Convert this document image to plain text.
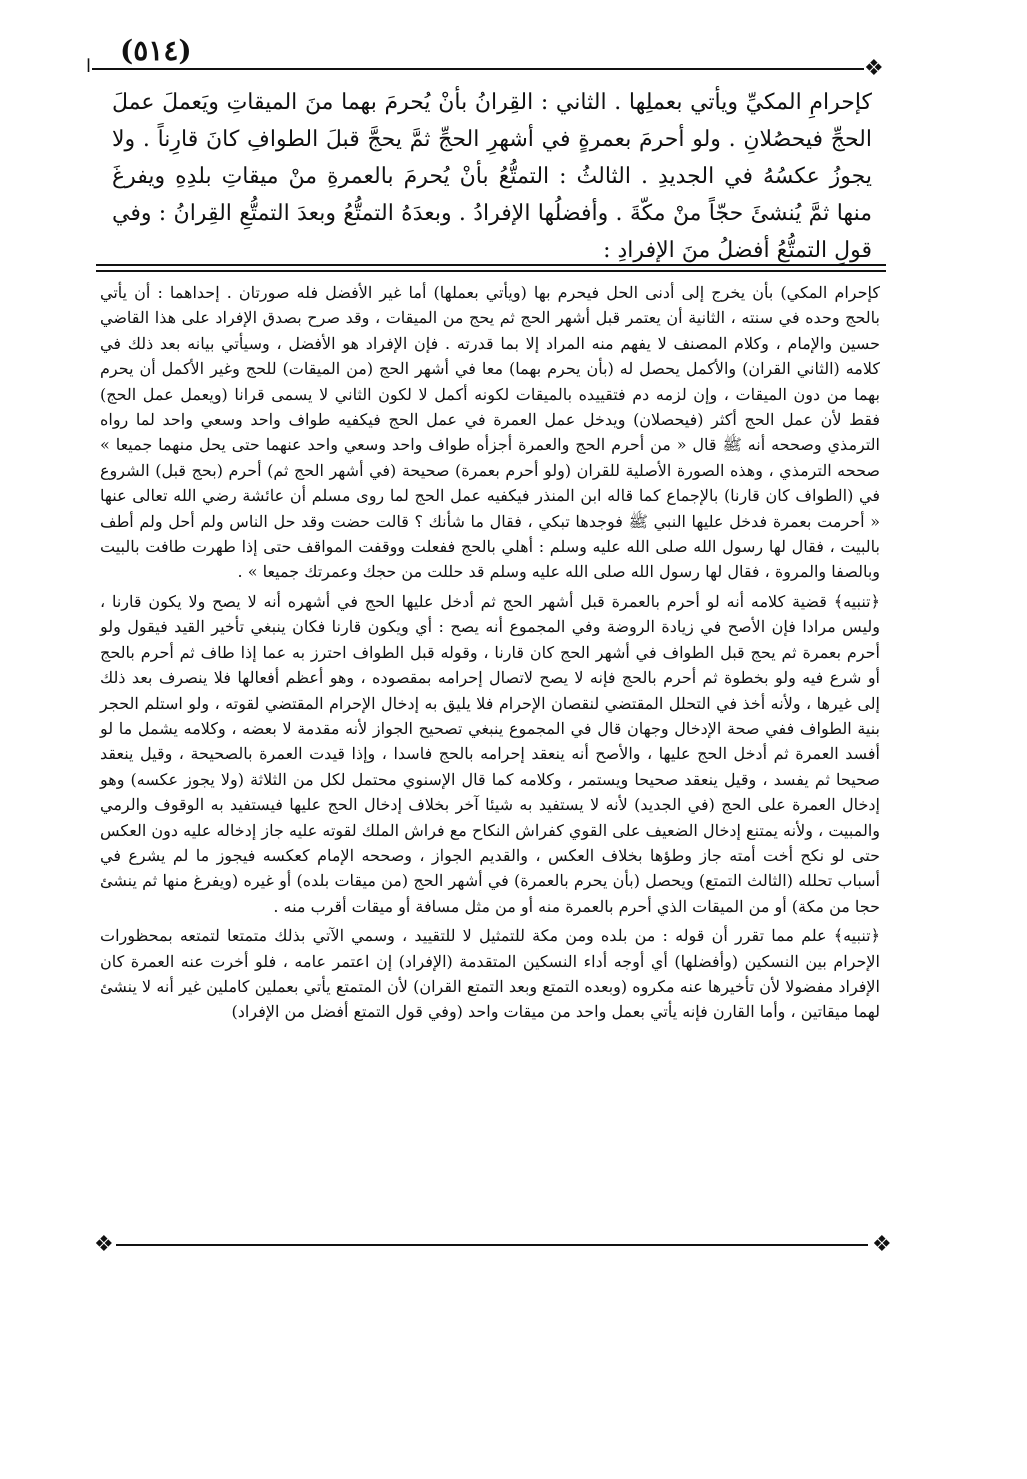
(٥١٤)
ا	❖

كإحرامِ المكيِّ ويأتي بعملِها . الثاني : القِرانُ بأنْ يُحرمَ بهما منَ الميقاتِ ويَعملَ عملَ الحجِّ فيحصُلانِ . ولو أحرمَ بعمرةٍ في أشهرِ الحجِّ ثمَّ يحجَّ قبلَ الطوافِ كانَ قارِناً . ولا يجوزُ عكسُهُ في الجديدِ . الثالثُ : التمتُّعُ بأنْ يُحرمَ بالعمرةِ منْ ميقاتِ بلدِهِ ويفرغَ منها ثمَّ يُنشئَ حجّاً منْ مكّةَ . وأفضلُها الإفرادُ . وبعدَهُ التمتُّعُ وبعدَ التمتُّعِ القِرانُ : وفي قولِ التمتُّعُ أفضلُ منَ الإفرادِ :

كإحرام المكي) بأن يخرج إلى أدنى الحل فيحرم بها (ويأتي بعملها) أما غير الأفضل فله صورتان . إحداهما : أن يأتي بالحج وحده في سنته ، الثانية أن يعتمر قبل أشهر الحج ثم يحج من الميقات ، وقد صرح بصدق الإفراد على هذا القاضي حسين والإمام ، وكلام المصنف لا يفهم منه المراد إلا بما قدرته . فإن الإفراد هو الأفضل ، وسيأتي بيانه بعد ذلك في كلامه (الثاني القران) والأكمل يحصل له (بأن يحرم بهما) معا في أشهر الحج (من الميقات) للحج وغير الأكمل أن يحرم بهما من دون الميقات ، وإن لزمه دم فتقييده بالميقات لكونه أكمل لا لكون الثاني لا يسمى قرانا (ويعمل عمل الحج) فقط لأن عمل الحج أكثر (فيحصلان) ويدخل عمل العمرة في عمل الحج فيكفيه طواف واحد وسعي واحد لما رواه الترمذي وصححه أنه ﷺ قال « من أحرم الحج والعمرة أجزأه طواف واحد وسعي واحد عنهما حتى يحل منهما جميعا » صححه الترمذي ، وهذه الصورة الأصلية للقران (ولو أحرم بعمرة) صحيحة (في أشهر الحج ثم) أحرم (بحج قبل) الشروع في (الطواف كان قارنا) بالإجماع كما قاله ابن المنذر فيكفيه عمل الحج لما روى مسلم أن عائشة رضي الله تعالى عنها « أحرمت بعمرة فدخل عليها النبي ﷺ فوجدها تبكي ، فقال ما شأنك ؟ قالت حضت وقد حل الناس ولم أحل ولم أطف بالبيت ، فقال لها رسول الله صلى الله عليه وسلم : أهلي بالحج ففعلت ووقفت المواقف حتى إذا طهرت طافت بالبيت وبالصفا والمروة ، فقال لها رسول الله صلى الله عليه وسلم قد حللت من حجك وعمرتك جميعا » .

﴿تنبيه﴾ قضية كلامه أنه لو أحرم بالعمرة قبل أشهر الحج ثم أدخل عليها الحج في أشهره أنه لا يصح ولا يكون قارنا ، وليس مرادا فإن الأصح في زيادة الروضة وفي المجموع أنه يصح : أي ويكون قارنا فكان ينبغي تأخير القيد فيقول ولو أحرم بعمرة ثم يحج قبل الطواف في أشهر الحج كان قارنا ، وقوله قبل الطواف احترز به عما إذا طاف ثم أحرم بالحج أو شرع فيه ولو بخطوة ثم أحرم بالحج فإنه لا يصح لاتصال إحرامه بمقصوده ، وهو أعظم أفعالها فلا ينصرف بعد ذلك إلى غيرها ، ولأنه أخذ في التحلل المقتضي لنقصان الإحرام فلا يليق به إدخال الإحرام المقتضي لقوته ، ولو استلم الحجر بنية الطواف ففي صحة الإدخال وجهان قال في المجموع ينبغي تصحيح الجواز لأنه مقدمة لا بعضه ، وكلامه يشمل ما لو أفسد العمرة ثم أدخل الحج عليها ، والأصح أنه ينعقد إحرامه بالحج فاسدا ، وإذا قيدت العمرة بالصحيحة ، وقيل ينعقد صحيحا ثم يفسد ، وقيل ينعقد صحيحا ويستمر ، وكلامه كما قال الإسنوي محتمل لكل من الثلاثة (ولا يجوز عكسه) وهو إدخال العمرة على الحج (في الجديد) لأنه لا يستفيد به شيئا آخر بخلاف إدخال الحج عليها فيستفيد به الوقوف والرمي والمبيت ، ولأنه يمتنع إدخال الضعيف على القوي كفراش النكاح مع فراش الملك لقوته عليه جاز إدخاله عليه دون العكس حتى لو نكح أخت أمته جاز وطؤها بخلاف العكس ، والقديم الجواز ، وصححه الإمام كعكسه فيجوز ما لم يشرع في أسباب تحلله (الثالث التمتع) ويحصل (بأن يحرم بالعمرة) في أشهر الحج (من ميقات بلده) أو غيره (ويفرغ منها ثم ينشئ حجا من مكة) أو من الميقات الذي أحرم بالعمرة منه أو من مثل مسافة أو ميقات أقرب منه .

﴿تنبيه﴾ علم مما تقرر أن قوله : من بلده ومن مكة للتمثيل لا للتقييد ، وسمي الآتي بذلك متمتعا لتمتعه بمحظورات الإحرام بين النسكين (وأفضلها) أي أوجه أداء النسكين المتقدمة (الإفراد) إن اعتمر عامه ، فلو أخرت عنه العمرة كان الإفراد مفضولا لأن تأخيرها عنه مكروه (وبعده التمتع وبعد التمتع القران) لأن المتمتع يأتي بعملين كاملين غير أنه لا ينشئ لهما ميقاتين ، وأما القارن فإنه يأتي بعمل واحد من ميقات واحد (وفي قول التمتع أفضل من الإفراد)

❖	❖
